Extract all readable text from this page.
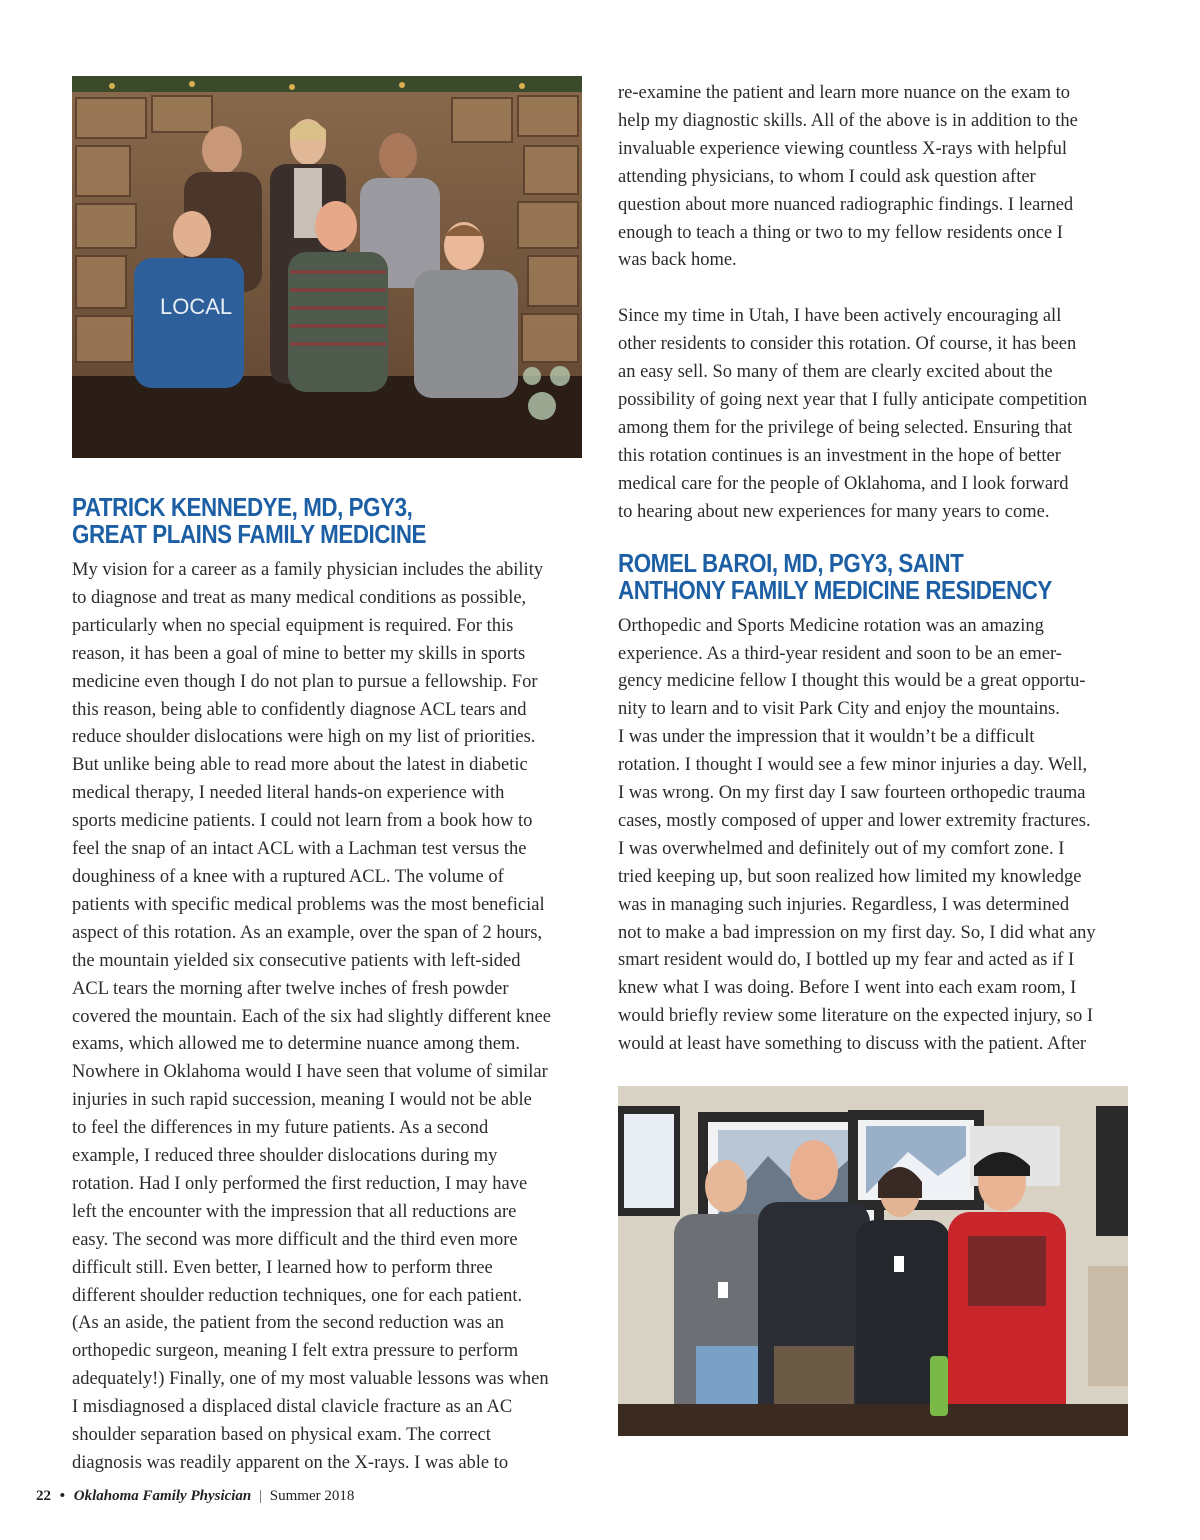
LOCAL
PATRICK KENNEDYE, MD, PGY3,
GREAT PLAINS FAMILY MEDICINE

My vision for a career as a family physician includes the ability
to diagnose and treat as many medical conditions as possible,
particularly when no special equipment is required. For this
reason, it has been a goal of mine to better my skills in sports
medicine even though I do not plan to pursue a fellowship. For
this reason, being able to confidently diagnose ACL tears and
reduce shoulder dislocations were high on my list of priorities.
But unlike being able to read more about the latest in diabetic
medical therapy, I needed literal hands-on experience with
sports medicine patients. I could not learn from a book how to
feel the snap of an intact ACL with a Lachman test versus the
doughiness of a knee with a ruptured ACL. The volume of
patients with specific medical problems was the most beneficial
aspect of this rotation. As an example, over the span of 2 hours,
the mountain yielded six consecutive patients with left-sided
ACL tears the morning after twelve inches of fresh powder
covered the mountain. Each of the six had slightly different knee
exams, which allowed me to determine nuance among them.
Nowhere in Oklahoma would I have seen that volume of similar
injuries in such rapid succession, meaning I would not be able
to feel the differences in my future patients. As a second
example, I reduced three shoulder dislocations during my
rotation. Had I only performed the first reduction, I may have
left the encounter with the impression that all reductions are
easy. The second was more difficult and the third even more
difficult still. Even better, I learned how to perform three
different shoulder reduction techniques, one for each patient.
(As an aside, the patient from the second reduction was an
orthopedic surgeon, meaning I felt extra pressure to perform
adequately!) Finally, one of my most valuable lessons was when
I misdiagnosed a displaced distal clavicle fracture as an AC
shoulder separation based on physical exam. The correct
diagnosis was readily apparent on the X-rays. I was able to

re-examine the patient and learn more nuance on the exam to
help my diagnostic skills. All of the above is in addition to the
invaluable experience viewing countless X-rays with helpful
attending physicians, to whom I could ask question after
question about more nuanced radiographic findings. I learned
enough to teach a thing or two to my fellow residents once I
was back home.

Since my time in Utah, I have been actively encouraging all
other residents to consider this rotation. Of course, it has been
an easy sell. So many of them are clearly excited about the
possibility of going next year that I fully anticipate competition
among them for the privilege of being selected. Ensuring that
this rotation continues is an investment in the hope of better
medical care for the people of Oklahoma, and I look forward
to hearing about new experiences for many years to come.

ROMEL BAROI, MD, PGY3, SAINT
ANTHONY FAMILY MEDICINE RESIDENCY

Orthopedic and Sports Medicine rotation was an amazing
experience. As a third-year resident and soon to be an emer-
gency medicine fellow I thought this would be a great opportu-
nity to learn and to visit Park City and enjoy the mountains.
I was under the impression that it wouldn’t be a difficult
rotation. I thought I would see a few minor injuries a day. Well,
I was wrong. On my first day I saw fourteen orthopedic trauma
cases, mostly composed of upper and lower extremity fractures.
I was overwhelmed and definitely out of my comfort zone. I
tried keeping up, but soon realized how limited my knowledge
was in managing such injuries. Regardless, I was determined
not to make a bad impression on my first day. So, I did what any
smart resident would do, I bottled up my fear and acted as if I
knew what I was doing. Before I went into each exam room, I
would briefly review some literature on the expected injury, so I
would at least have something to discuss with the patient. After

22 • Oklahoma Family Physician | Summer 2018
